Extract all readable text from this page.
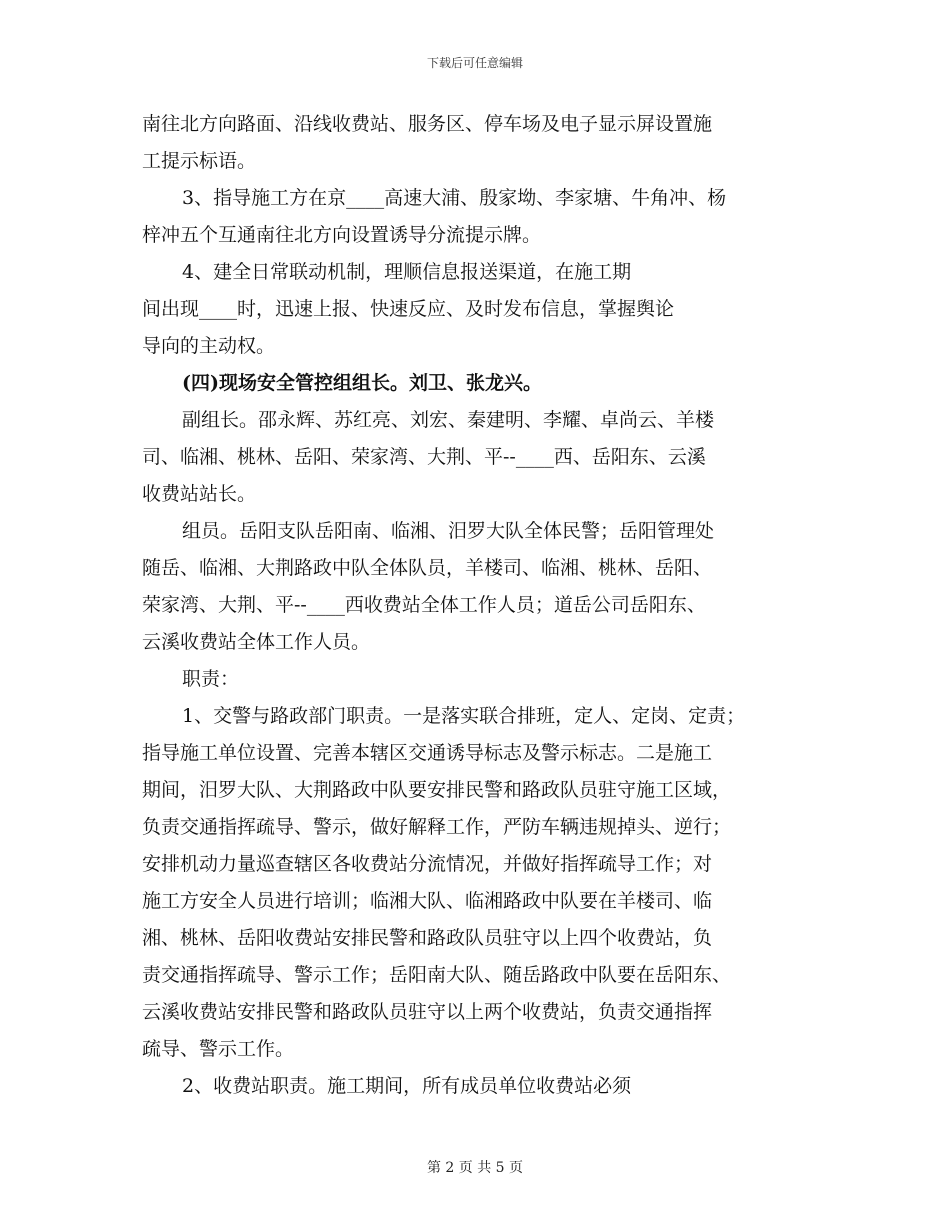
下载后可任意编辑
南往北方向路面、沿线收费站、服务区、停车场及电子显示屏设置施
工提示标语。
3、指导施工方在京____高速大浦、殷家坳、李家塘、牛角冲、杨
梓冲五个互通南往北方向设置诱导分流提示牌。
4、建全日常联动机制，理顺信息报送渠道，在施工期
间出现____时，迅速上报、快速反应、及时发布信息，掌握舆论
导向的主动权。
(四)现场安全管控组组长。刘卫、张龙兴。
副组长。邵永辉、苏红亮、刘宏、秦建明、李耀、卓尚云、羊楼
司、临湘、桃林、岳阳、荣家湾、大荆、平--____西、岳阳东、云溪
收费站站长。
组员。岳阳支队岳阳南、临湘、汨罗大队全体民警；岳阳管理处
随岳、临湘、大荆路政中队全体队员，羊楼司、临湘、桃林、岳阳、
荣家湾、大荆、平--____西收费站全体工作人员；道岳公司岳阳东、
云溪收费站全体工作人员。
职责：
1、交警与路政部门职责。一是落实联合排班，定人、定岗、定责；
指导施工单位设置、完善本辖区交通诱导标志及警示标志。二是施工
期间，汨罗大队、大荆路政中队要安排民警和路政队员驻守施工区域，
负责交通指挥疏导、警示，做好解释工作，严防车辆违规掉头、逆行；
安排机动力量巡查辖区各收费站分流情况，并做好指挥疏导工作；对
施工方安全人员进行培训；临湘大队、临湘路政中队要在羊楼司、临
湘、桃林、岳阳收费站安排民警和路政队员驻守以上四个收费站，负
责交通指挥疏导、警示工作；岳阳南大队、随岳路政中队要在岳阳东、
云溪收费站安排民警和路政队员驻守以上两个收费站，负责交通指挥
疏导、警示工作。
2、收费站职责。施工期间，所有成员单位收费站必须
第 2 页 共 5 页
